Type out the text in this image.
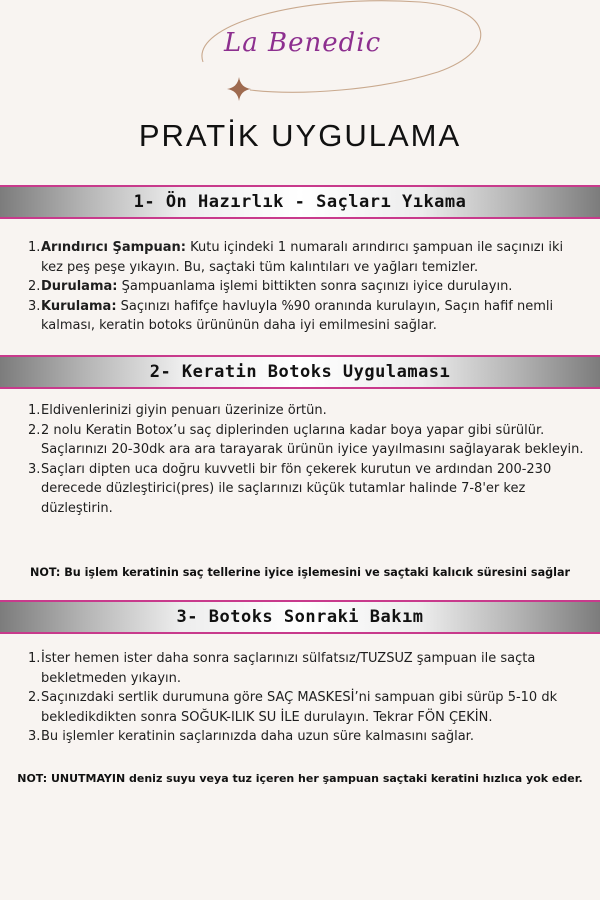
La Benedic
PRATİK UYGULAMA
1- Ön Hazırlık - Saçları Yıkama
1. Arındırıcı Şampuan: Kutu içindeki 1 numaralı arındırıcı şampuan ile saçınızı iki kez peş peşe yıkayın. Bu, saçtaki tüm kalıntıları ve yağları temizler.
2. Durulama: Şampuanlama işlemi bittikten sonra saçınızı iyice durulayın.
3. Kurulama: Saçınızı hafifçe havluyla %90 oranında kurulayın, Saçın hafif nemli kalması, keratin botoks ürününün daha iyi emilmesini sağlar.
2- Keratin Botoks Uygulaması
1. Eldivenlerinizi giyin penuarı üzerinize örtün.
2. 2 nolu Keratin Botox’u saç diplerinden uçlarına kadar boya yapar gibi sürülür. Saçlarınızı 20-30dk ara ara tarayarak ürünün iyice yayılmasını sağlayarak bekleyin.
3. Saçları dipten uca doğru kuvvetli bir fön çekerek kurutun ve ardından 200-230 derecede düzleştirici(pres) ile saçlarınızı küçük tutamlar halinde 7-8'er kez düzleştirin.
NOT: Bu işlem keratinin saç tellerine iyice işlemesini ve saçtaki kalıcık süresini sağlar
3- Botoks Sonraki Bakım
1. İster hemen ister daha sonra saçlarınızı sülfatsız/TUZSUZ şampuan ile saçta bekletmeden yıkayın.
2. Saçınızdaki sertlik durumuna göre SAÇ MASKESİ’ni sampuan gibi sürüp 5-10 dk bekledikdikten sonra SOĞUK-ILIK SU İLE durulayın. Tekrar FÖN ÇEKİN.
3. Bu işlemler keratinin saçlarınızda daha uzun süre kalmasını sağlar.
NOT: UNUTMAYIN deniz suyu veya tuz içeren her şampuan saçtaki keratini hızlıca yok eder.
